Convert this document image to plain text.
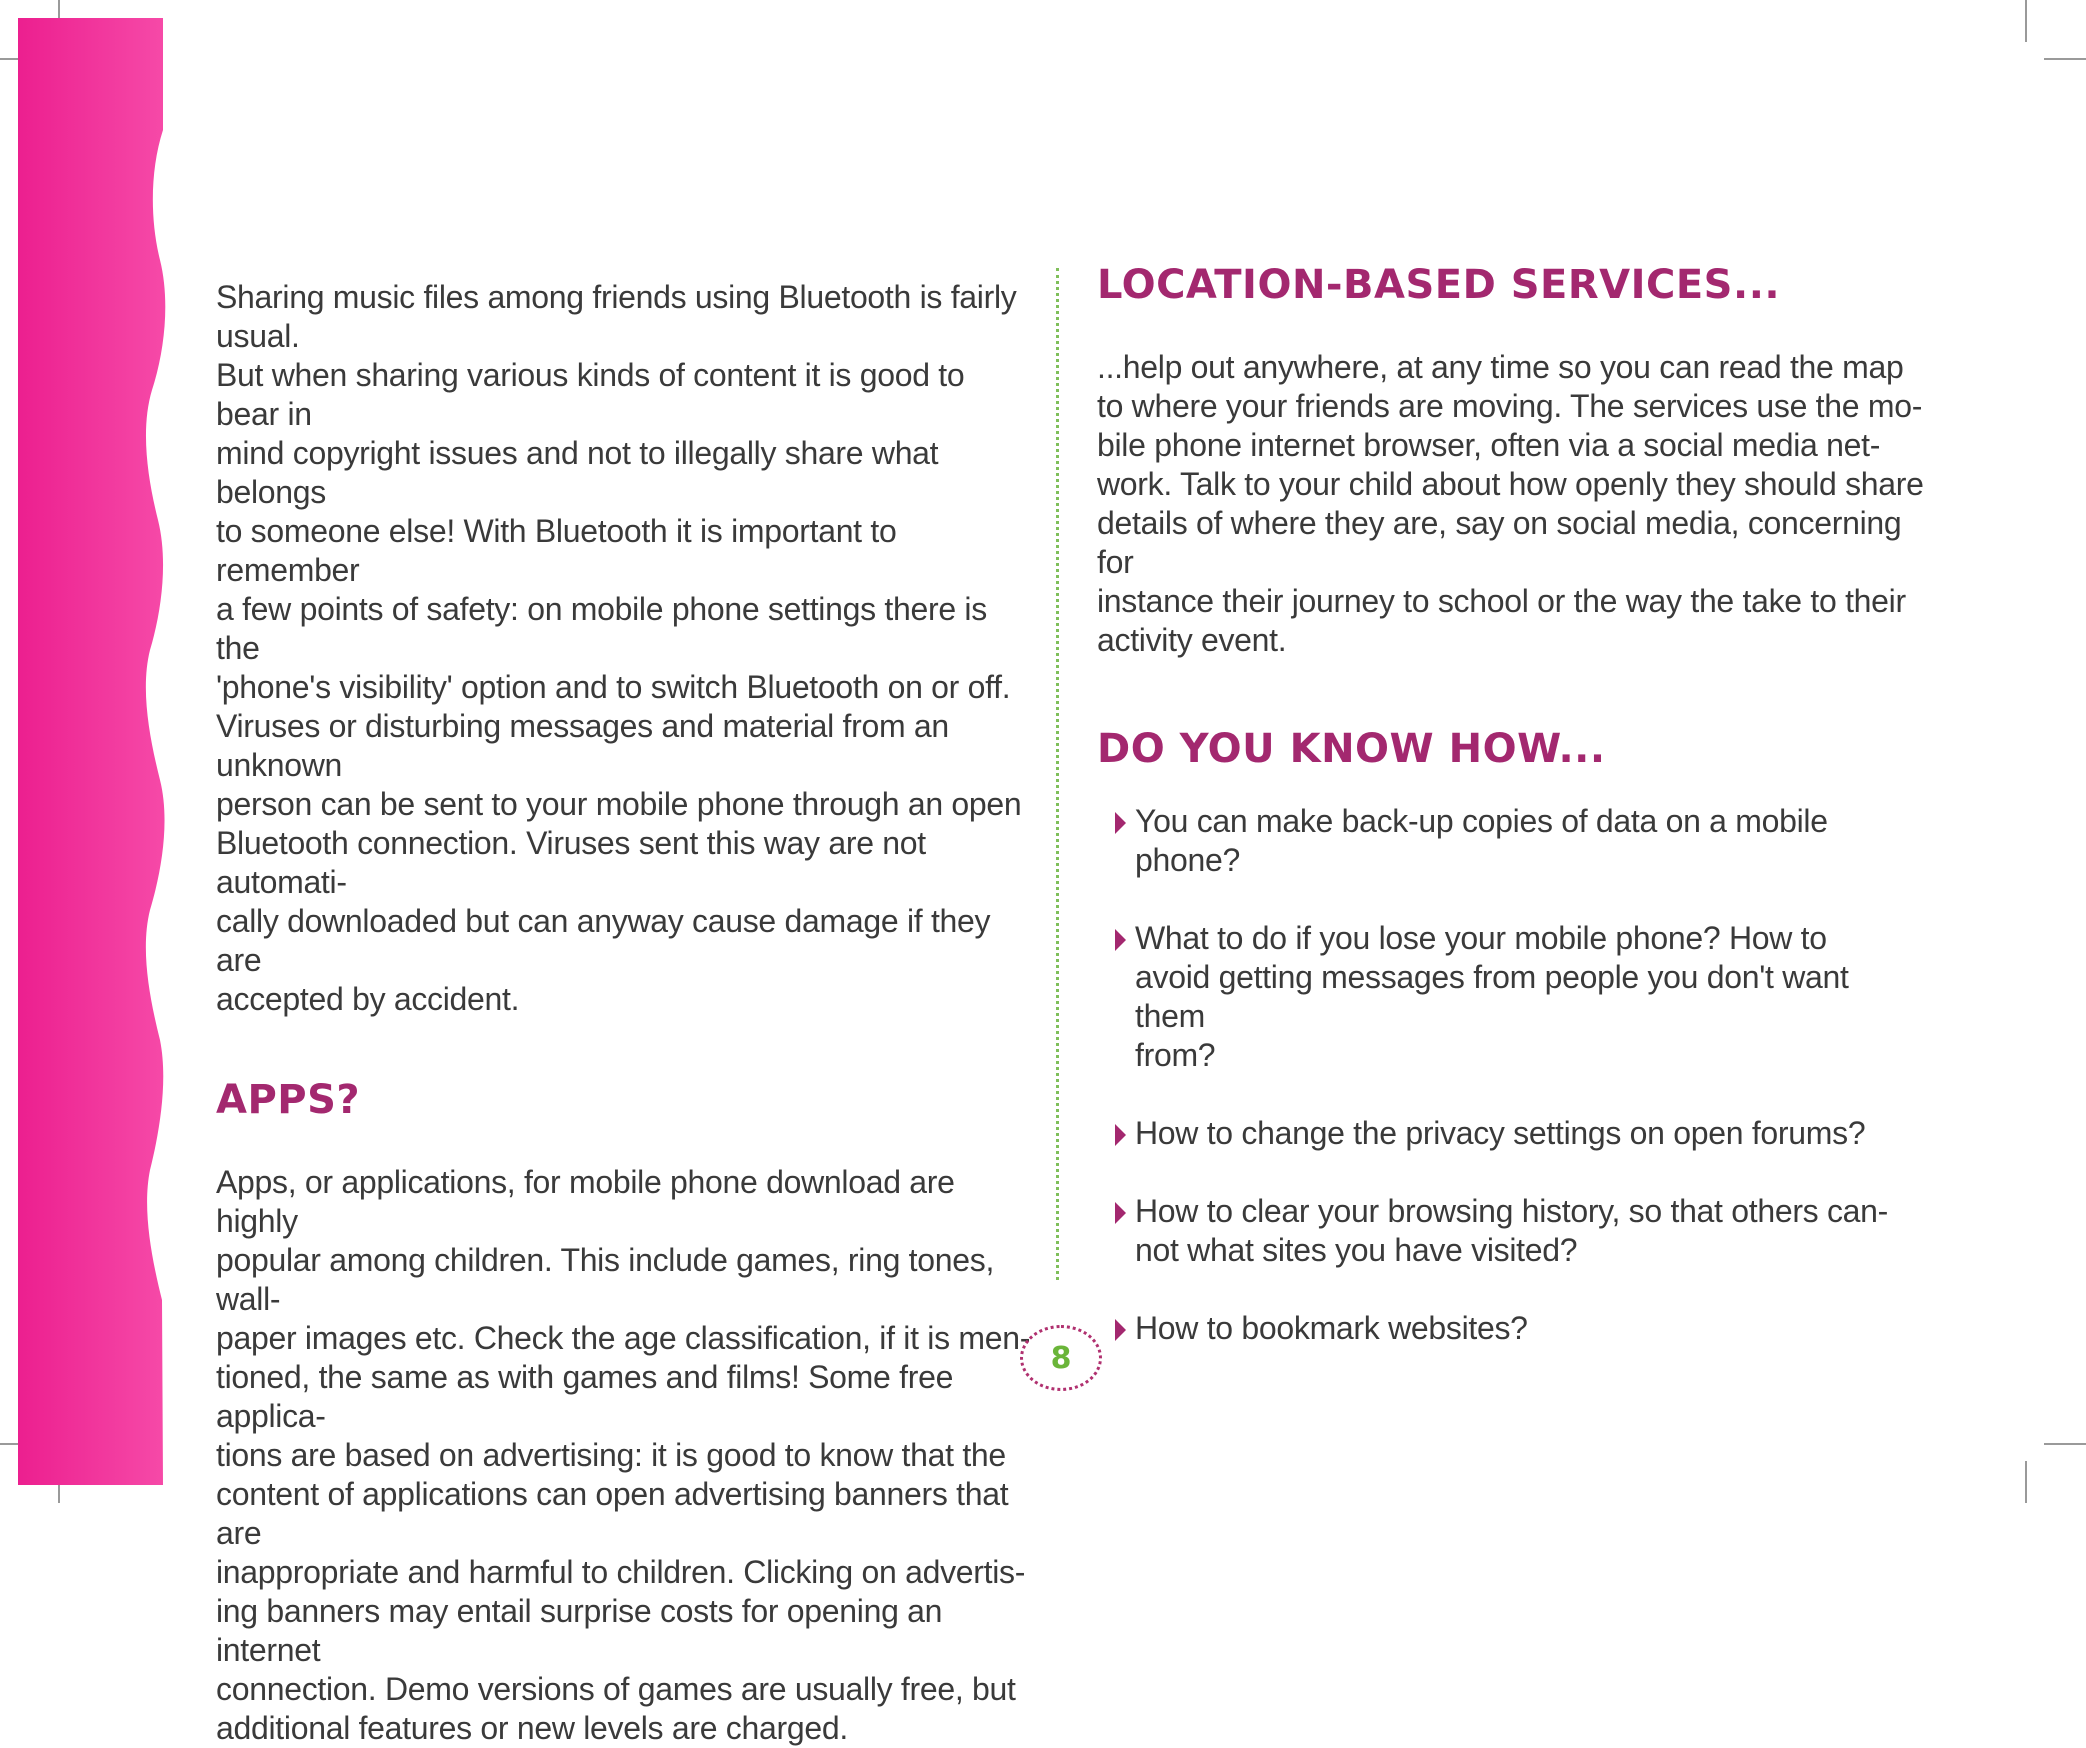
Sharing music files among friends using Bluetooth is fairly usual.
But when sharing various kinds of content it is good to bear in
mind copyright issues and not to illegally share what belongs
to someone else! With Bluetooth it is important to remember
a few points of safety: on mobile phone settings there is the
'phone's visibility' option and to switch Bluetooth on or off.
Viruses or disturbing messages and material from an unknown
person can be sent to your mobile phone through an open
Bluetooth connection. Viruses sent this way are not automati-
cally downloaded but can anyway cause damage if they are
accepted by accident.

APPS?

Apps, or applications, for mobile phone download are highly
popular among children. This include games, ring tones, wall-
paper images etc. Check the age classification, if it is men-
tioned, the same as with games and films! Some free applica-
tions are based on advertising: it is good to know that the
content of applications can open advertising banners that are
inappropriate and harmful to children. Clicking on advertis-
ing banners may entail surprise costs for opening an internet
connection. Demo versions of games are usually free, but
additional features or new levels are charged.

LOCATION-BASED SERVICES...

...help out anywhere, at any time so you can read the map
to where your friends are moving. The services use the mo-
bile phone internet browser, often via a social media net-
work. Talk to your child about how openly they should share
details of where they are, say on social media, concerning for
instance their journey to school or the way the take to their
activity event.

DO YOU KNOW HOW...
You can make back-up copies of data on a mobile phone?
What to do if you lose your mobile phone? How to
avoid getting messages from people you don't want them
from?
How to change the privacy settings on open forums?
How to clear your browsing history, so that others can-
not what sites you have visited?
How to bookmark websites?
8
